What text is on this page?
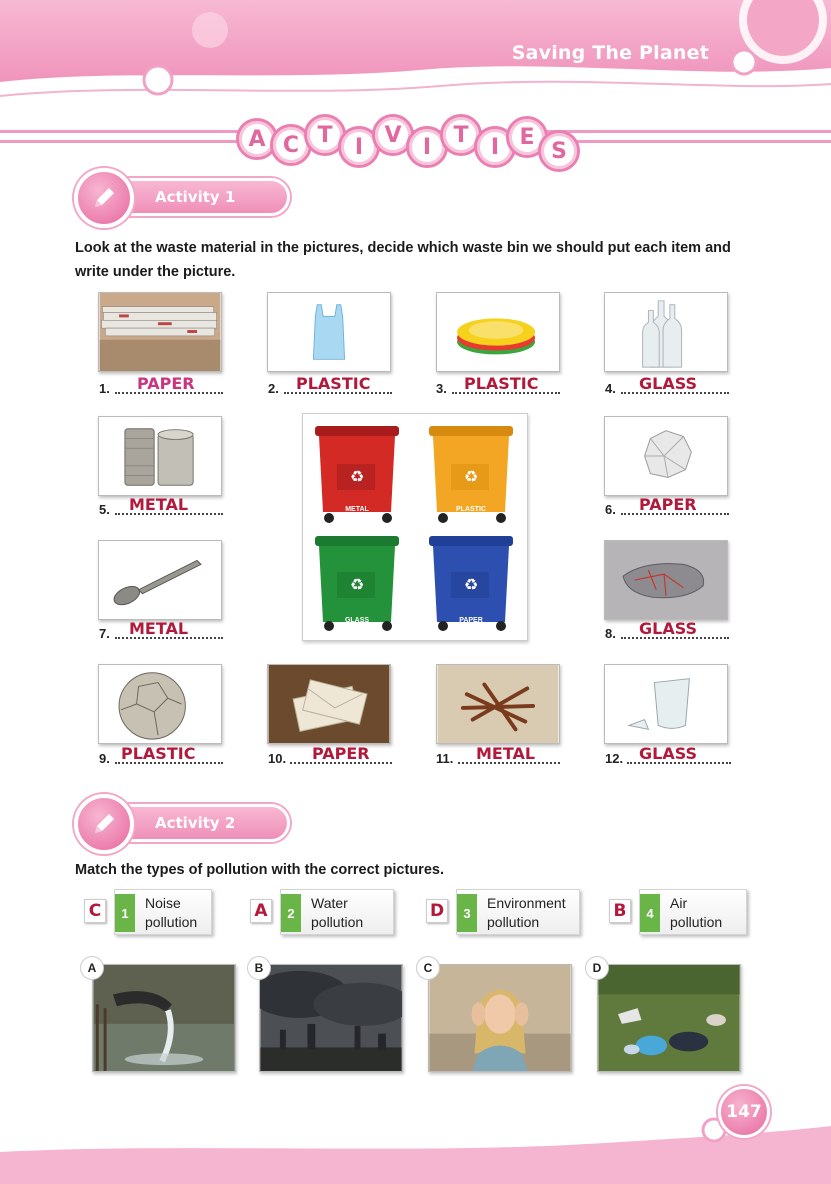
Saving The Planet
A C T	I V I	T	I E
S
Activity 1
Look at the waste material in the pictures, decide which waste bin we should put each item and
write under the picture.
1. PAPER	2. PLASTIC	3. PLASTIC	4. GLASS
5. METAL	6. PAPER
♻	♻
♻	♻
METAL	PLASTIC
GLASS	PAPER
7. METAL	8. GLASS
9. PLASTIC	10. PAPER	11. METAL	12. GLASS
Activity 2
Match the types of pollution with the correct pictures.
C	1
Noise
pollution
A	2
Water
pollution
D	3
Environment
pollution
B	4
Air
pollution
A	B	C	D
147
